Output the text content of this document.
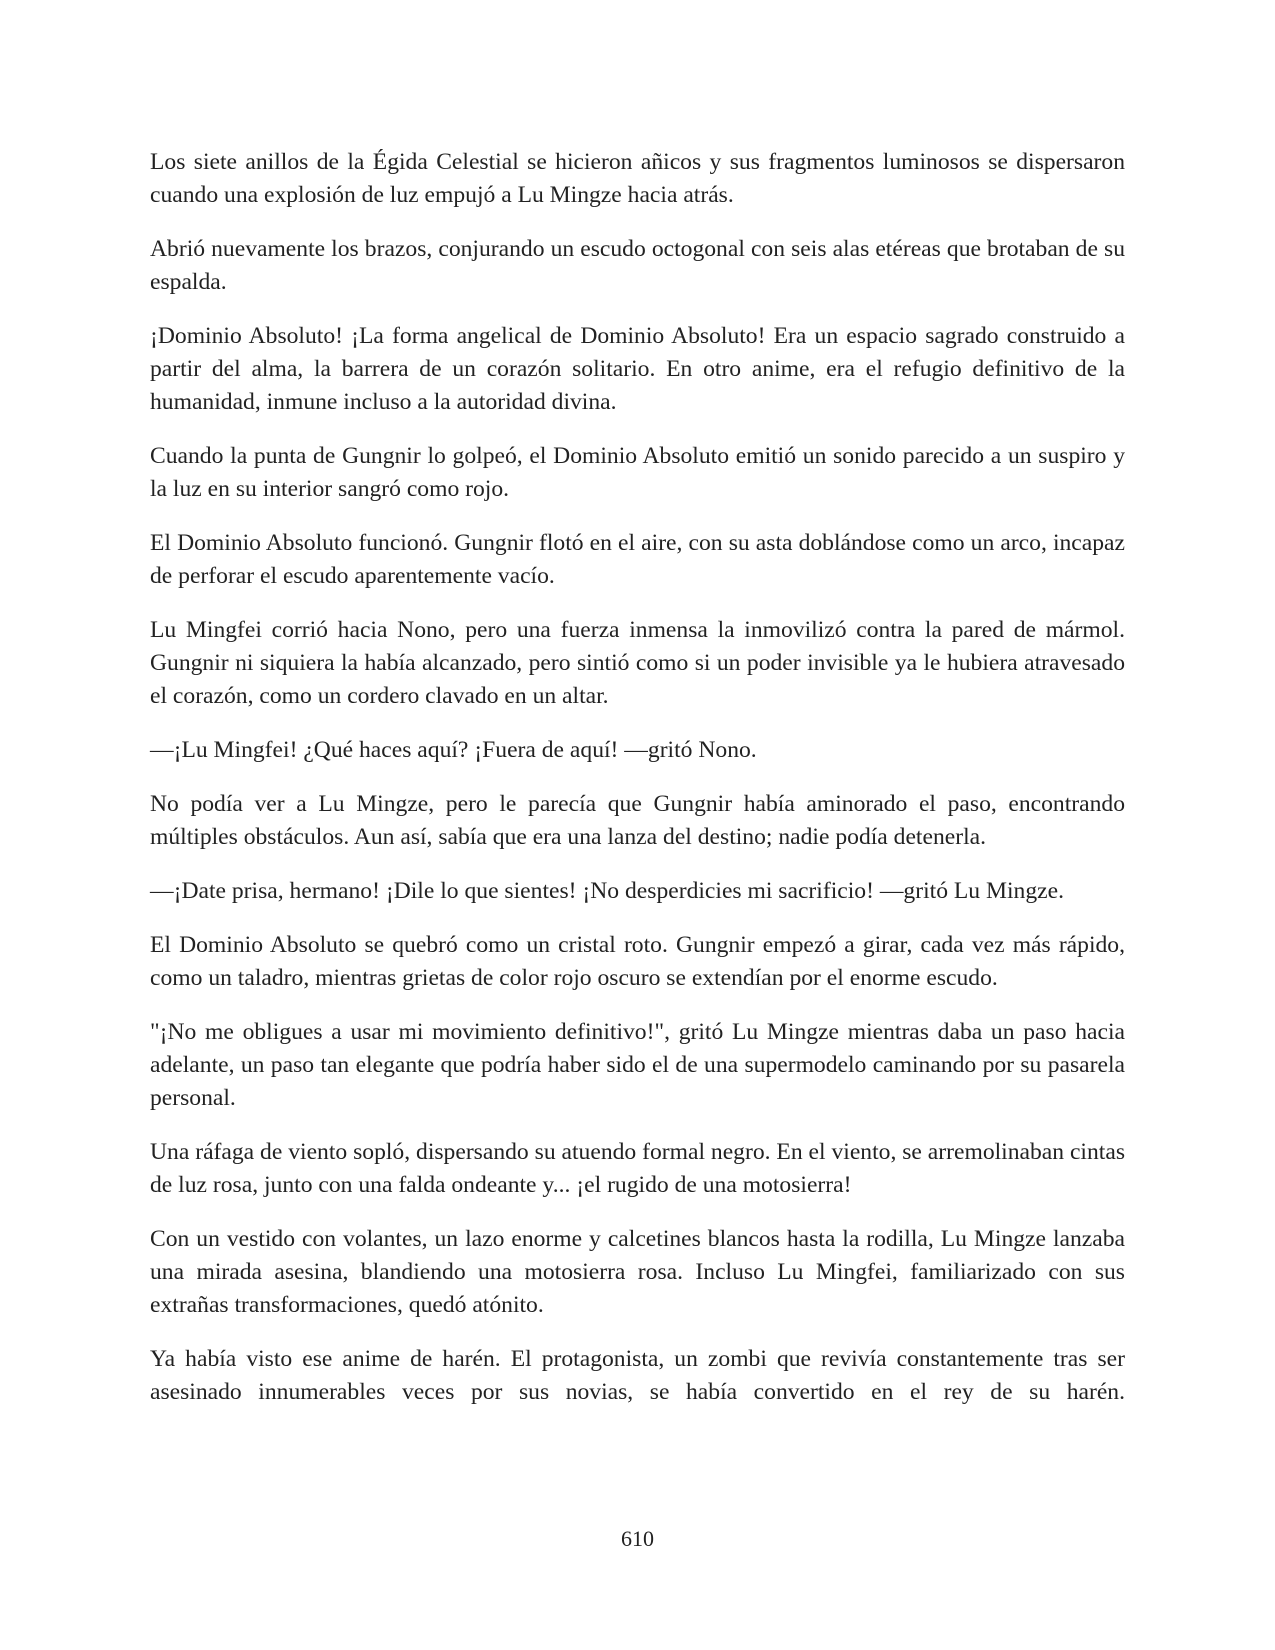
Los siete anillos de la Égida Celestial se hicieron añicos y sus fragmentos luminosos se dispersaron cuando una explosión de luz empujó a Lu Mingze hacia atrás.

Abrió nuevamente los brazos, conjurando un escudo octogonal con seis alas etéreas que brotaban de su espalda.

¡Dominio Absoluto! ¡La forma angelical de Dominio Absoluto! Era un espacio sagrado construido a partir del alma, la barrera de un corazón solitario. En otro anime, era el refugio definitivo de la humanidad, inmune incluso a la autoridad divina.

Cuando la punta de Gungnir lo golpeó, el Dominio Absoluto emitió un sonido parecido a un suspiro y la luz en su interior sangró como rojo.

El Dominio Absoluto funcionó. Gungnir flotó en el aire, con su asta doblándose como un arco, incapaz de perforar el escudo aparentemente vacío.

Lu Mingfei corrió hacia Nono, pero una fuerza inmensa la inmovilizó contra la pared de mármol. Gungnir ni siquiera la había alcanzado, pero sintió como si un poder invisible ya le hubiera atravesado el corazón, como un cordero clavado en un altar.

—¡Lu Mingfei! ¿Qué haces aquí? ¡Fuera de aquí! —gritó Nono.

No podía ver a Lu Mingze, pero le parecía que Gungnir había aminorado el paso, encontrando múltiples obstáculos. Aun así, sabía que era una lanza del destino; nadie podía detenerla.

—¡Date prisa, hermano! ¡Dile lo que sientes! ¡No desperdicies mi sacrificio! —gritó Lu Mingze.

El Dominio Absoluto se quebró como un cristal roto. Gungnir empezó a girar, cada vez más rápido, como un taladro, mientras grietas de color rojo oscuro se extendían por el enorme escudo.

"¡No me obligues a usar mi movimiento definitivo!", gritó Lu Mingze mientras daba un paso hacia adelante, un paso tan elegante que podría haber sido el de una supermodelo caminando por su pasarela personal.

Una ráfaga de viento sopló, dispersando su atuendo formal negro. En el viento, se arremolinaban cintas de luz rosa, junto con una falda ondeante y... ¡el rugido de una motosierra!

Con un vestido con volantes, un lazo enorme y calcetines blancos hasta la rodilla, Lu Mingze lanzaba una mirada asesina, blandiendo una motosierra rosa. Incluso Lu Mingfei, familiarizado con sus extrañas transformaciones, quedó atónito.

Ya había visto ese anime de harén. El protagonista, un zombi que revivía constantemente tras ser asesinado innumerables veces por sus novias, se había convertido en el rey de su harén.

610
